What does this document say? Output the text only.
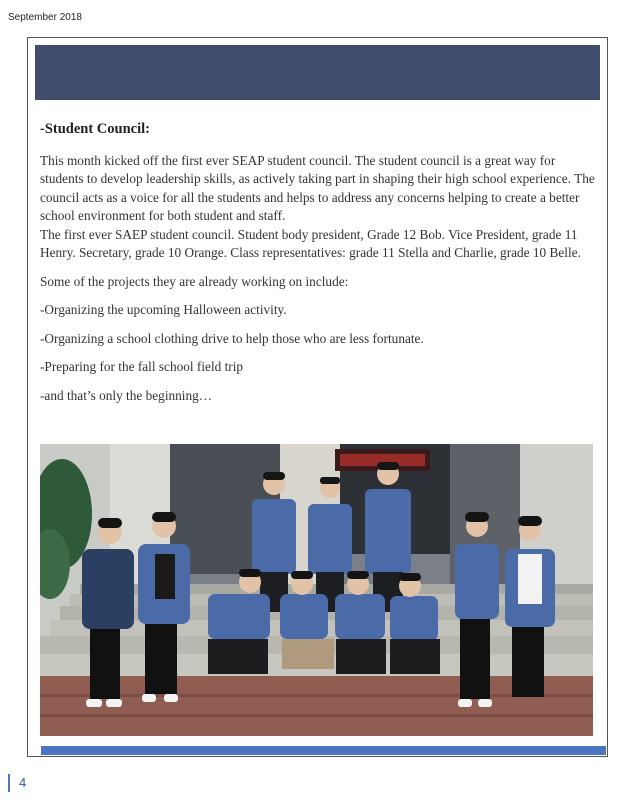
September 2018
-Student Council:
This month kicked off the first ever SEAP student council. The student council is a great way for students to develop leadership skills, as actively taking part in shaping their high school experience. The council acts as a voice for all the students and helps to address any concerns helping to create a better school environment for both student and staff.
The first ever SAEP student council. Student body president, Grade 12 Bob. Vice President, grade 11 Henry. Secretary, grade 10 Orange. Class representatives: grade 11 Stella and Charlie, grade 10 Belle.
Some of the projects they are already working on include:
-Organizing the upcoming Halloween activity.
-Organizing a school clothing drive to help those who are less fortunate.
-Preparing for the fall school field trip
-and that’s only the beginning…
4
